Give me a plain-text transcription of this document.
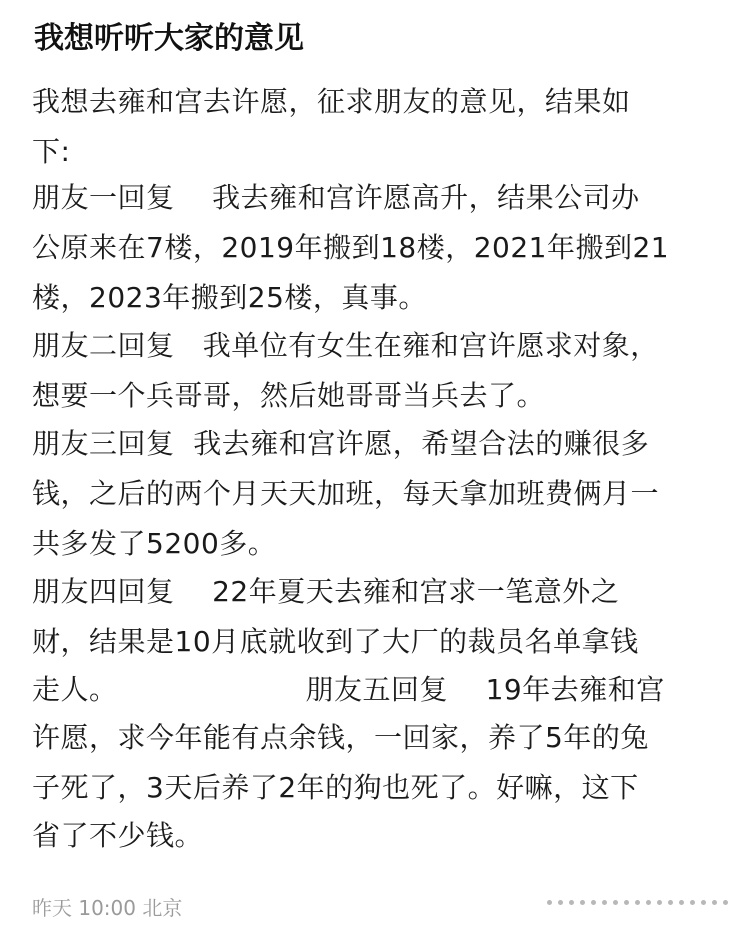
我想听听大家的意见
我想去雍和宫去许愿，征求朋友的意见，结果如
下:
朋友一回复    我去雍和宫许愿高升，结果公司办
公原来在7楼，2019年搬到18楼，2021年搬到21
楼，2023年搬到25楼，真事。
朋友二回复   我单位有女生在雍和宫许愿求对象，
想要一个兵哥哥，然后她哥哥当兵去了。
朋友三回复  我去雍和宫许愿，希望合法的赚很多
钱，之后的两个月天天加班，每天拿加班费俩月一
共多发了5200多。
朋友四回复    22年夏天去雍和宫求一笔意外之
财，结果是10月底就收到了大厂的裁员名单拿钱
走人。                    朋友五回复    19年去雍和宫
许愿，求今年能有点余钱，一回家，养了5年的兔
子死了，3天后养了2年的狗也死了。好嘛，这下
省了不少钱。
昨天 10:00 北京
